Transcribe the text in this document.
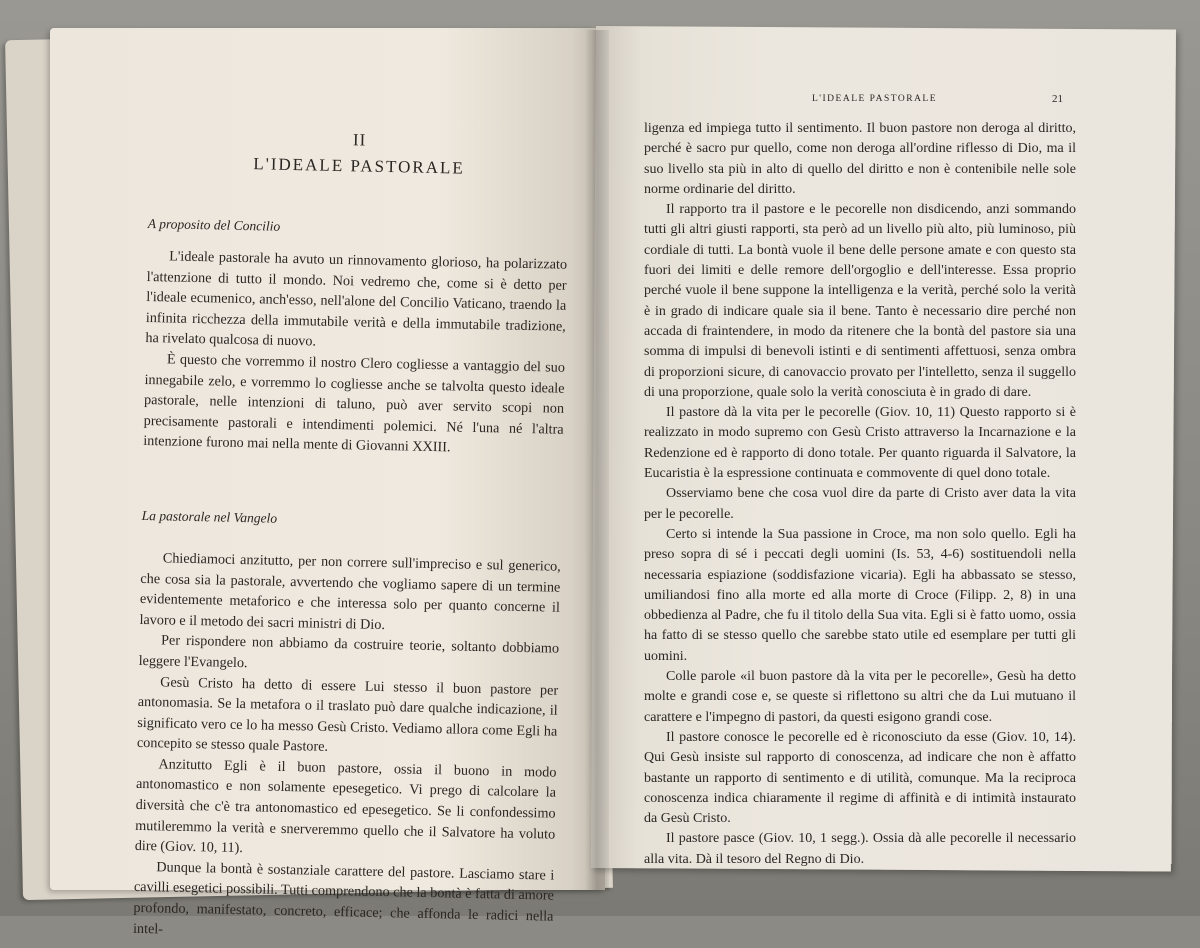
II
L'IDEALE PASTORALE
A proposito del Concilio

L'ideale pastorale ha avuto un rinnovamento glorioso, ha polarizzato l'attenzione di tutto il mondo. Noi vedremo che, come si è detto per l'ideale ecumenico, anch'esso, nell'alone del Concilio Vaticano, traendo la infinita ricchezza della immutabile verità e della immutabile tradizione, ha rivelato qualcosa di nuovo.

È questo che vorremmo il nostro Clero cogliesse a vantaggio del suo innegabile zelo, e vorremmo lo cogliesse anche se talvolta questo ideale pastorale, nelle intenzioni di taluno, può aver servito scopi non precisamente pastorali e intendimenti polemici. Né l'una né l'altra intenzione furono mai nella mente di Giovanni XXIII.

La pastorale nel Vangelo

Chiediamoci anzitutto, per non correre sull'impreciso e sul generico, che cosa sia la pastorale, avvertendo che vogliamo sapere di un termine evidentemente metaforico e che interessa solo per quanto concerne il lavoro e il metodo dei sacri ministri di Dio.

Per rispondere non abbiamo da costruire teorie, soltanto dobbiamo leggere l'Evangelo.

Gesù Cristo ha detto di essere Lui stesso il buon pastore per antonomasia. Se la metafora o il traslato può dare qualche indicazione, il significato vero ce lo ha messo Gesù Cristo. Vediamo allora come Egli ha concepito se stesso quale Pastore.

Anzitutto Egli è il buon pastore, ossia il buono in modo antonomastico e non solamente epesegetico. Vi prego di calcolare la diversità che c'è tra antonomastico ed epesegetico. Se li confondessimo mutileremmo la verità e snerveremmo quello che il Salvatore ha voluto dire (Giov. 10, 11).

Dunque la bontà è sostanziale carattere del pastore. Lasciamo stare i cavilli esegetici possibili. Tutti comprendono che la bontà è fatta di amore profondo, manifestato, concreto, efficace; che affonda le radici nella intel-

L'IDEALE PASTORALE	21

ligenza ed impiega tutto il sentimento. Il buon pastore non deroga al diritto, perché è sacro pur quello, come non deroga all'ordine riflesso di Dio, ma il suo livello sta più in alto di quello del diritto e non è contenibile nelle sole norme ordinarie del diritto.

Il rapporto tra il pastore e le pecorelle non disdicendo, anzi sommando tutti gli altri giusti rapporti, sta però ad un livello più alto, più luminoso, più cordiale di tutti. La bontà vuole il bene delle persone amate e con questo sta fuori dei limiti e delle remore dell'orgoglio e dell'interesse. Essa proprio perché vuole il bene suppone la intelligenza e la verità, perché solo la verità è in grado di indicare quale sia il bene. Tanto è necessario dire perché non accada di fraintendere, in modo da ritenere che la bontà del pastore sia una somma di impulsi di benevoli istinti e di sentimenti affettuosi, senza ombra di proporzioni sicure, di canovaccio provato per l'intelletto, senza il suggello di una proporzione, quale solo la verità conosciuta è in grado di dare.

Il pastore dà la vita per le pecorelle (Giov. 10, 11) Questo rapporto si è realizzato in modo supremo con Gesù Cristo attraverso la Incarnazione e la Redenzione ed è rapporto di dono totale. Per quanto riguarda il Salvatore, la Eucaristia è la espressione continuata e commovente di quel dono totale.

Osserviamo bene che cosa vuol dire da parte di Cristo aver data la vita per le pecorelle.

Certo si intende la Sua passione in Croce, ma non solo quello. Egli ha preso sopra di sé i peccati degli uomini (Is. 53, 4-6) sostituendoli nella necessaria espiazione (soddisfazione vicaria). Egli ha abbassato se stesso, umiliandosi fino alla morte ed alla morte di Croce (Filipp. 2, 8) in una obbedienza al Padre, che fu il titolo della Sua vita. Egli si è fatto uomo, ossia ha fatto di se stesso quello che sarebbe stato utile ed esemplare per tutti gli uomini.

Colle parole «il buon pastore dà la vita per le pecorelle», Gesù ha detto molte e grandi cose e, se queste si riflettono su altri che da Lui mutuano il carattere e l'impegno di pastori, da questi esigono grandi cose.

Il pastore conosce le pecorelle ed è riconosciuto da esse (Giov. 10, 14). Qui Gesù insiste sul rapporto di conoscenza, ad indicare che non è affatto bastante un rapporto di sentimento e di utilità, comunque. Ma la reciproca conoscenza indica chiaramente il regime di affinità e di intimità instaurato da Gesù Cristo.

Il pastore pasce (Giov. 10, 1 segg.). Ossia dà alle pecorelle il necessario alla vita. Dà il tesoro del Regno di Dio.
